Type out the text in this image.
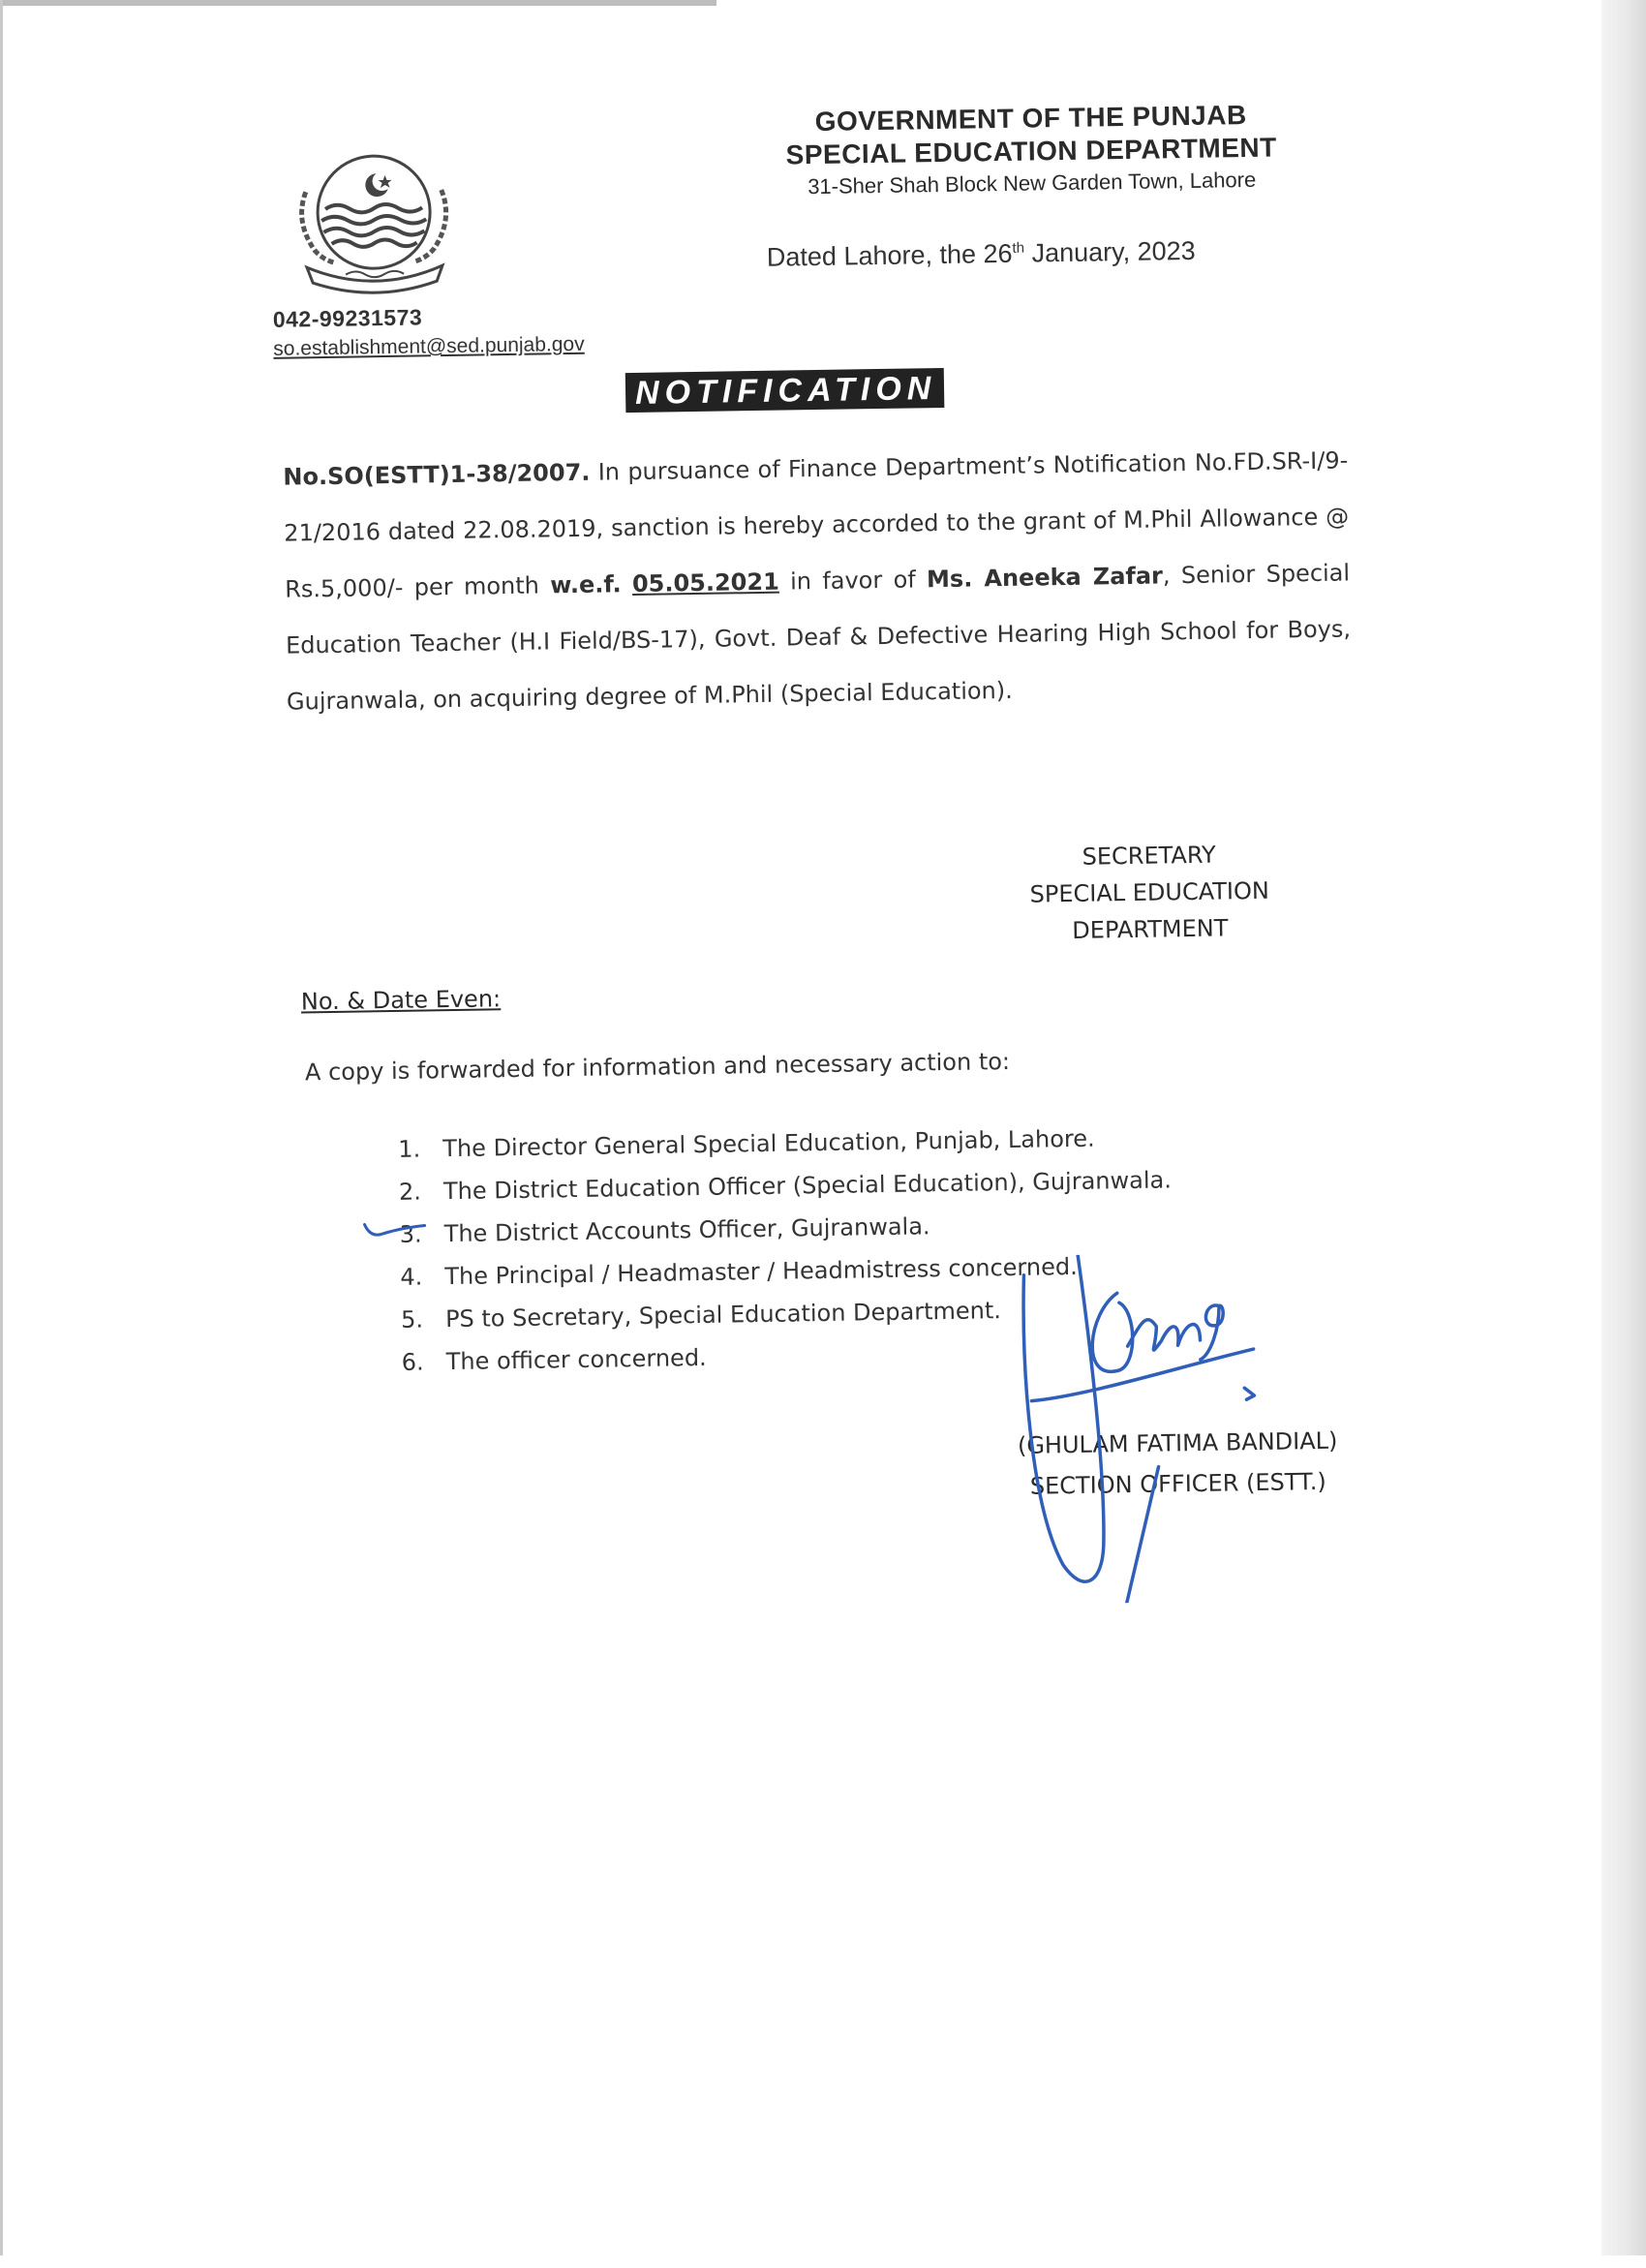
042-99231573
so.establishment@sed.punjab.gov
GOVERNMENT OF THE PUNJAB
SPECIAL EDUCATION DEPARTMENT
31-Sher Shah Block New Garden Town, Lahore
Dated Lahore, the 26th January, 2023
NOTIFICATION
No.SO(ESTT)1-38/2007. In pursuance of Finance Department’s Notification No.FD.SR-I/9-21/2016 dated 22.08.2019, sanction is hereby accorded to the grant of M.Phil Allowance @ Rs.5,000/- per month w.e.f. 05.05.2021 in favor of Ms. Aneeka Zafar, Senior Special Education Teacher (H.I Field/BS-17), Govt. Deaf & Defective Hearing High School for Boys, Gujranwala, on acquiring degree of M.Phil (Special Education).
SECRETARY
SPECIAL EDUCATION
DEPARTMENT
No. & Date Even:
A copy is forwarded for information and necessary action to:
1. The Director General Special Education, Punjab, Lahore.
2. The District Education Officer (Special Education), Gujranwala.
3. The District Accounts Officer, Gujranwala.
4. The Principal / Headmaster / Headmistress concerned.
5. PS to Secretary, Special Education Department.
6. The officer concerned.
(GHULAM FATIMA BANDIAL)
SECTION OFFICER (ESTT.)
